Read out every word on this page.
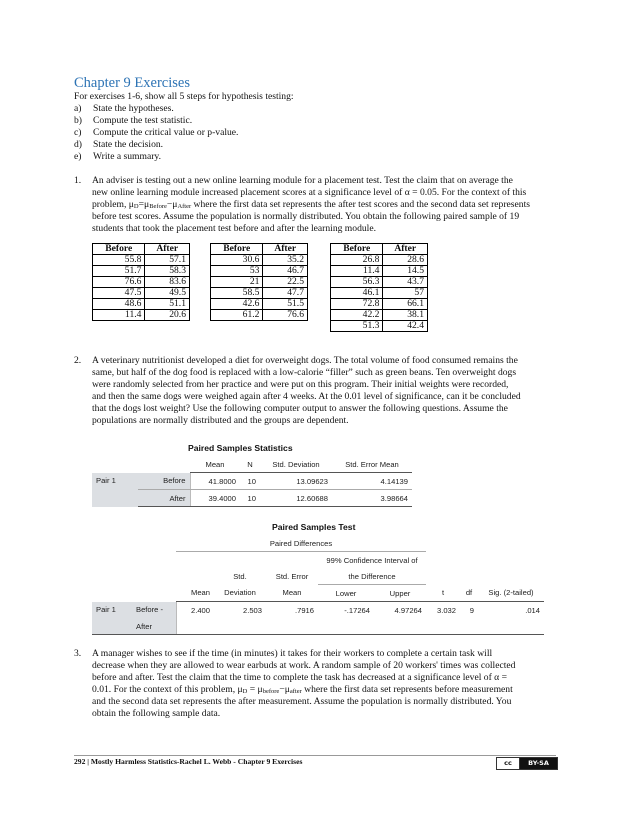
Chapter 9 Exercises
For exercises 1-6, show all 5 steps for hypothesis testing:
a) State the hypotheses.
b) Compute the test statistic.
c) Compute the critical value or p-value.
d) State the decision.
e) Write a summary.
1. An adviser is testing out a new online learning module for a placement test. Test the claim that on average the
new online learning module increased placement scores at a significance level of α = 0.05. For the context of this
problem, $\mu_D=\mu_{Before}-\mu_{After}$ where the first data set represents the after test scores and the second data set represents
before test scores. Assume the population is normally distributed. You obtain the following paired sample of 19
students that took the placement test before and after the learning module.
Before	After
55.8	57.1
51.7	58.3
76.6	83.6
47.5	49.5
48.6	51.1
11.4	20.6
Before	After
30.6	35.2
53	46.7
21	22.5
58.5	47.7
42.6	51.5
61.2	76.6
Before	After
26.8	28.6
11.4	14.5
56.3	43.7
46.1	57
72.8	66.1
42.2	38.1
51.3	42.4
2. A veterinary nutritionist developed a diet for overweight dogs. The total volume of food consumed remains the
same, but half of the dog food is replaced with a low-calorie “filler” such as green beans. Ten overweight dogs
were randomly selected from her practice and were put on this program. Their initial weights were recorded,
and then the same dogs were weighed again after 4 weeks. At the 0.01 level of significance, can it be concluded
that the dogs lost weight? Use the following computer output to answer the following questions. Assume the
populations are normally distributed and the groups are dependent.
Paired Samples Statistics
		Mean	N	Std. Deviation	Std. Error Mean
Pair 1	Before	41.8000	10	13.09623	4.14139
	After	39.4000	10	12.60688	3.98664
Paired Samples Test
		Paired Differences							
					99% Confidence Interval of				
			Std.	Std. Error	the Difference				
		Mean	Deviation	Mean	Lower	Upper	t	df	Sig. (2-tailed)
Pair 1	Before -	2.400	2.503	.7916	-.17264	4.97264	3.032	9	.014
	After								
3. A manager wishes to see if the time (in minutes) it takes for their workers to complete a certain task will
decrease when they are allowed to wear earbuds at work. A random sample of 20 workers' times was collected
before and after. Test the claim that the time to complete the task has decreased at a significance level of α =
0.01. For the context of this problem, $\mu_D = \mu_{before}-\mu_{after}$ where the first data set represents before measurement
and the second data set represents the after measurement. Assume the population is normally distributed. You
obtain the following sample data.
292 | Mostly Harmless Statistics-Rachel L. Webb - Chapter 9 Exercises	cc	BY-SA
